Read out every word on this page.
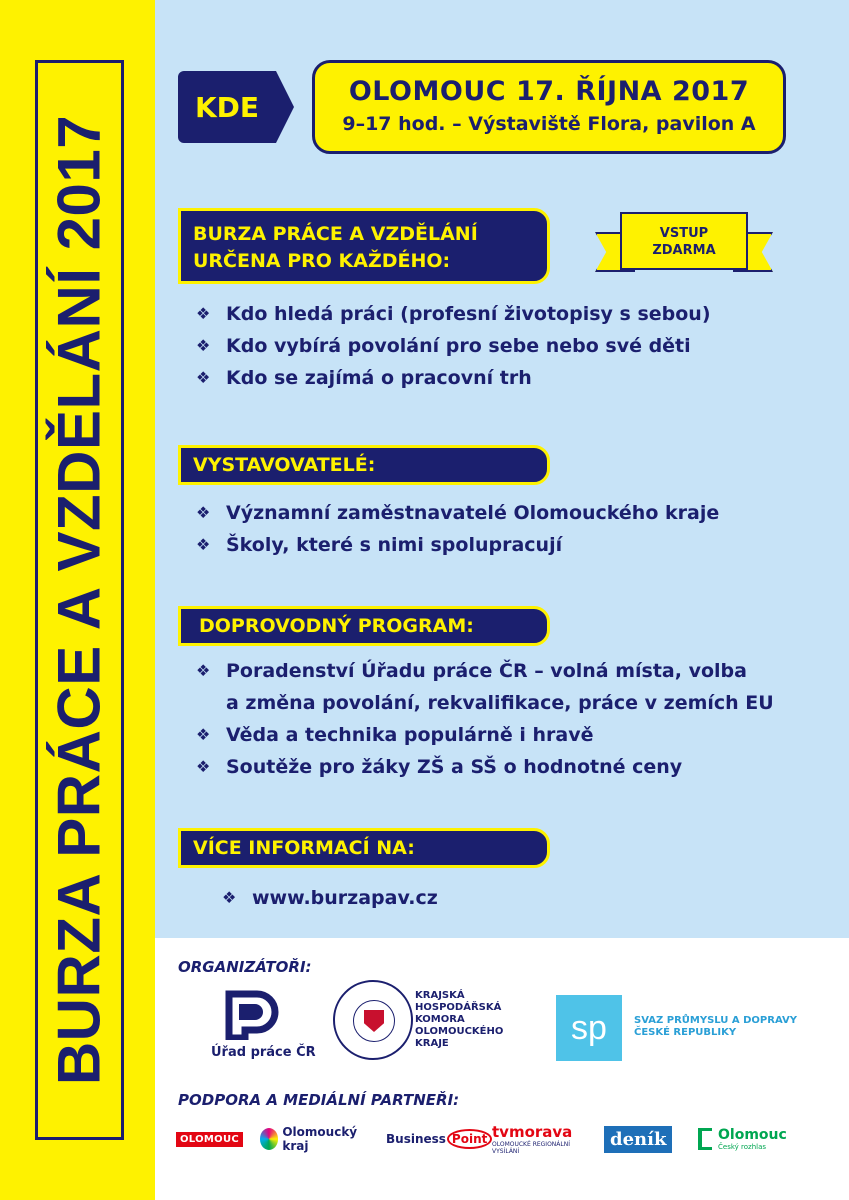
BURZA PRÁCE A VZDĚLÁNÍ 2017
KDE	OLOMOUC 17. ŘÍJNA 2017
9–17 hod. – Výstaviště Flora, pavilon A
BURZA PRÁCE A VZDĚLÁNÍ
URČENA PRO KAŽDÉHO:
VSTUP
ZDARMA
❖ Kdo hledá práci (profesní životopisy s sebou)
❖ Kdo vybírá povolání pro sebe nebo své děti
❖ Kdo se zajímá o pracovní trh
VYSTAVOVATELÉ:
❖ Významní zaměstnavatelé Olomouckého kraje
❖ Školy, které s nimi spolupracují
DOPROVODNÝ PROGRAM:
❖ Poradenství Úřadu práce ČR – volná místa, volba
a změna povolání, rekvalifikace, práce v zemích EU
❖ Věda a technika populárně i hravě
❖ Soutěže pro žáky ZŠ a SŠ o hodnotné ceny
VÍCE INFORMACÍ NA:
❖ www.burzapav.cz
ORGANIZÁTOŘI:
Úřad práce ČR
KRAJSKÁ
HOSPODÁŘSKÁ
KOMORA
OLOMOUCKÉHO
KRAJE	sp	SVAZ PRŮMYSLU A DOPRAVY
ČESKÉ REPUBLIKY
PODPORA A MEDIÁLNÍ PARTNEŘI:
OLOMOUC	Olomoucký kraj	Business Point tvmorava
OLOMOUCKÉ REGIONÁLNÍ VYSÍLÁNÍ
deník	Olomouc
Český rozhlas
